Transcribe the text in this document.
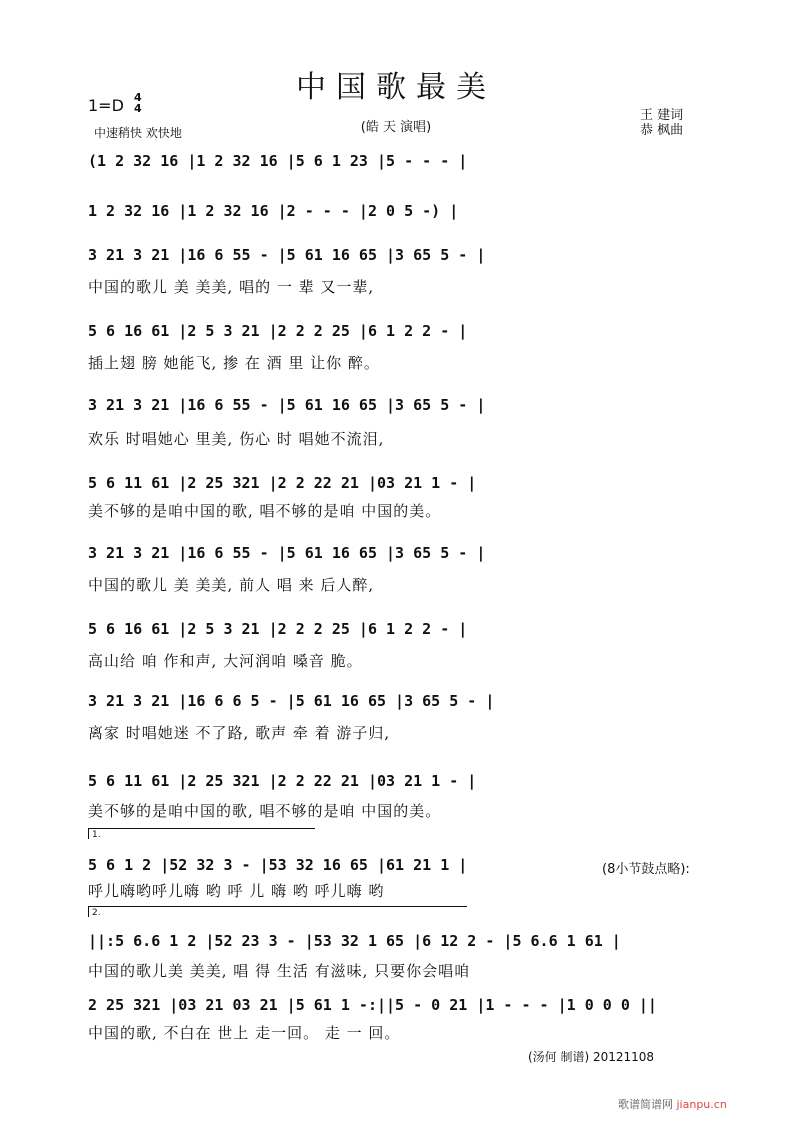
中国歌最美
1=D 4
4
中速稍快 欢快地	(皓 天 演唱)
王 建词
恭 枫曲
(1 2 32 16 |1 2 32 16 |5 6 1 23 |5 - - - |
1 2 32 16 |1 2 32 16 |2 - - - |2 0 5 -) |
3 21 3 21 |16 6 55 - |5 61 16 65 |3 65 5 - |
中国的歌儿 美 美美, 唱的 一 辈 又一辈,
5 6 16 61 |2 5 3 21 |2 2 2 25 |6 1 2 2 - |
插上翅 膀 她能飞, 掺 在 酒 里 让你 醉。
3 21 3 21 |16 6 55 - |5 61 16 65 |3 65 5 - |
欢乐 时唱她心 里美, 伤心 时 唱她不流泪,
5 6 11 61 |2 25 321 |2 2 22 21 |03 21 1 - |
美不够的是咱中国的歌, 唱不够的是咱 中国的美。
3 21 3 21 |16 6 55 - |5 61 16 65 |3 65 5 - |
中国的歌儿 美 美美, 前人 唱 来 后人醉,
5 6 16 61 |2 5 3 21 |2 2 2 25 |6 1 2 2 - |
高山给 咱 作和声, 大河润咱 嗓音 脆。
3 21 3 21 |16 6 6 5 - |5 61 16 65 |3 65 5 - |
离家 时唱她迷 不了路, 歌声 牵 着 游子归,
5 6 11 61 |2 25 321 |2 2 22 21 |03 21 1 - |
美不够的是咱中国的歌, 唱不够的是咱 中国的美。
1.
5 6 1 2 |52 32 3 - |53 32 16 65 |61 21 1 |	(8小节鼓点略):
呼儿嗨哟呼儿嗨 哟 呼 儿 嗨 哟 呼儿嗨 哟
2.
||:5 6.6 1 2 |52 23 3 - |53 32 1 65 |6 12 2 - |5 6.6 1 61 |
中国的歌儿美 美美, 唱 得 生活 有滋味, 只要你会唱咱
2 25 321 |03 21 03 21 |5 61 1 -:||5 - 0 21 |1 - - - |1 0 0 0 ||
中国的歌, 不白在 世上 走一回。 走 一 回。
(汤何 制谱) 20121108
歌谱简谱网 jianpu.cn
